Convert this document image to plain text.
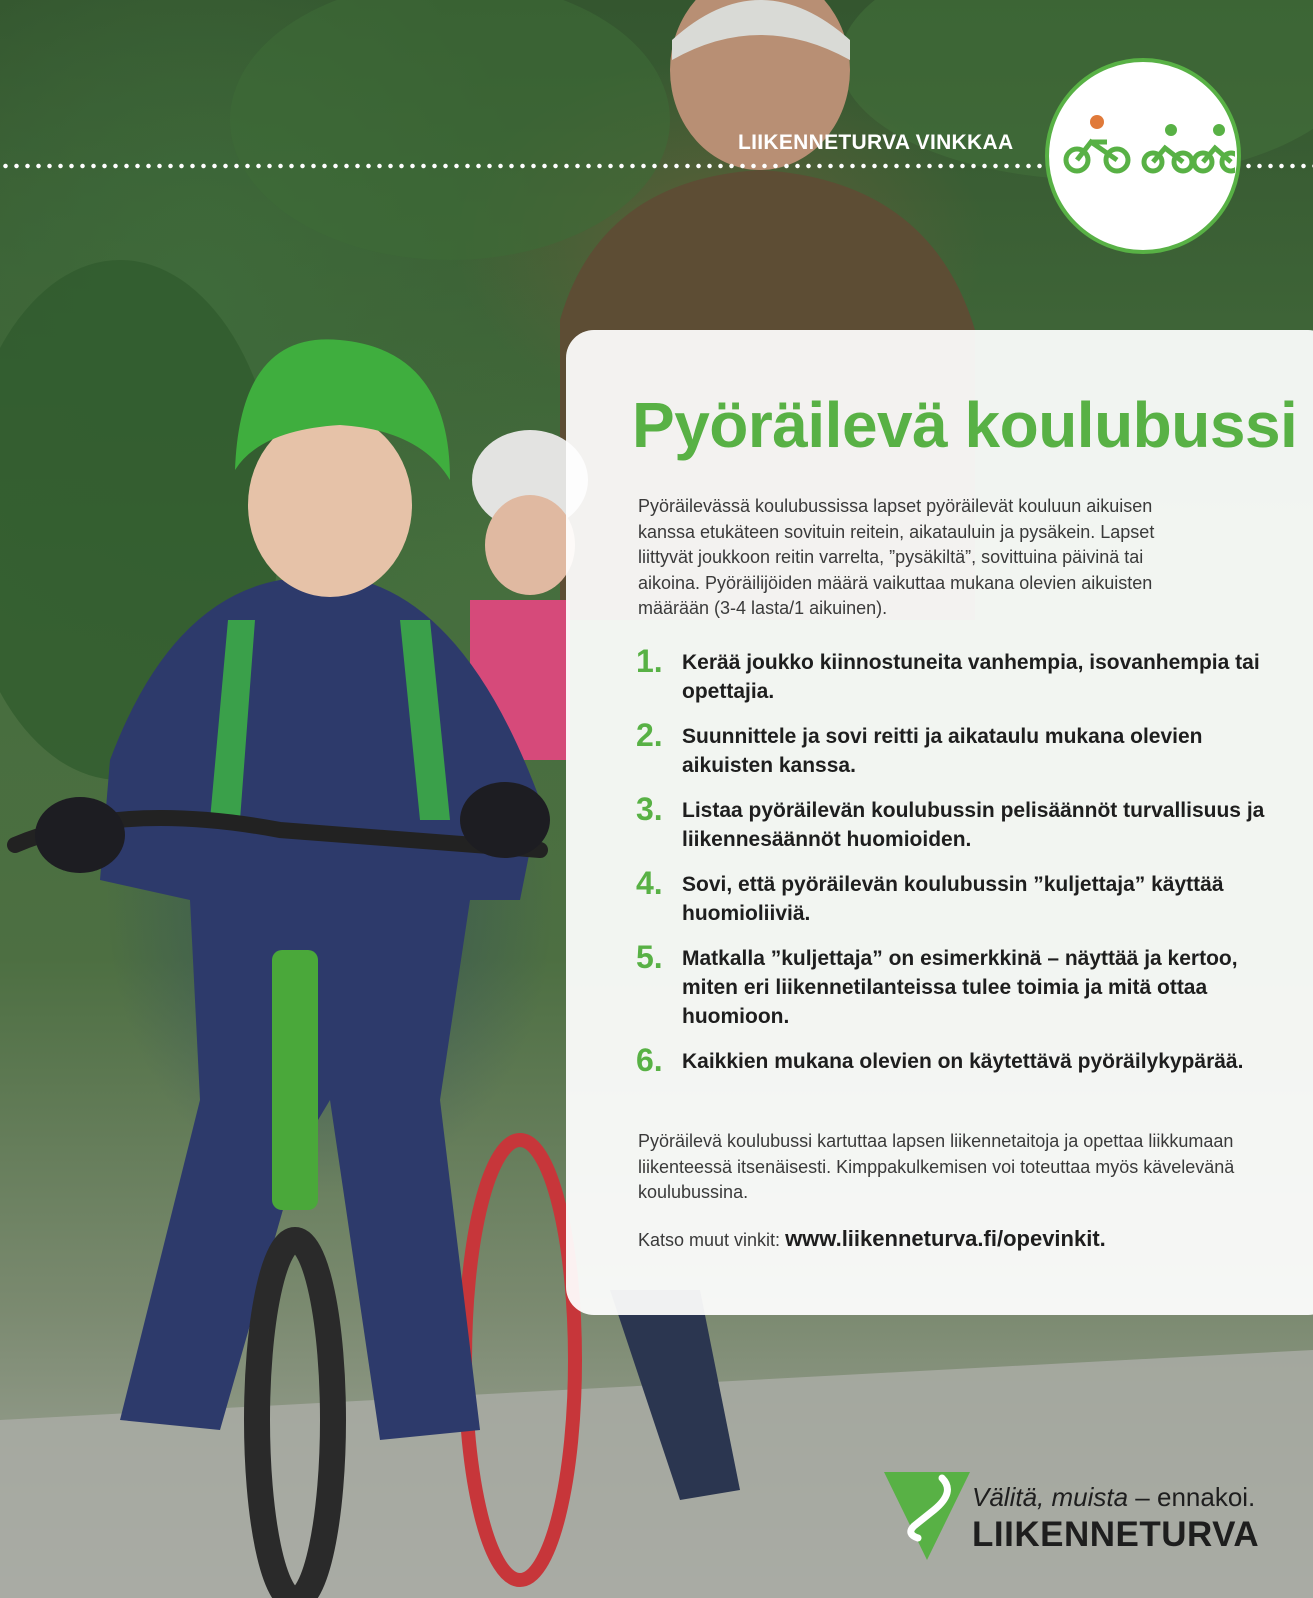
LIIKENNETURVA VINKKAA
Pyöräilevä koulubussi
Pyöräilevässä koulubussissa lapset pyöräilevät kouluun aikuisen kanssa etukäteen sovituin reitein, aikatauluin ja pysäkein. Lapset liittyvät joukkoon reitin varrelta, ”pysäkiltä”, sovittuina päivinä tai aikoina. Pyöräilijöiden määrä vaikuttaa mukana olevien aikuisten määrään (3-4 lasta/1 aikuinen).
1. Kerää joukko kiinnostuneita vanhempia, isovanhempia tai opettajia.
2. Suunnittele ja sovi reitti ja aikataulu mukana olevien aikuisten kanssa.
3. Listaa pyöräilevän koulubussin pelisäännöt turvallisuus ja liikennesäännöt huomioiden.
4. Sovi, että pyöräilevän koulubussin ”kuljettaja” käyttää huomioliiviä.
5. Matkalla ”kuljettaja” on esimerkkinä – näyttää ja kertoo, miten eri liikennetilanteissa tulee toimia ja mitä ottaa huomioon.
6. Kaikkien mukana olevien on käytettävä pyöräilykypärää.
Pyöräilevä koulubussi kartuttaa lapsen liikennetaitoja ja opettaa liikkumaan liikenteessä itsenäisesti. Kimppakulkemisen voi toteuttaa myös kävelevänä koulubussina.
Katso muut vinkit: www.liikenneturva.fi/opevinkit.
Välitä, muista – ennakoi.
LIIKENNETURVA
